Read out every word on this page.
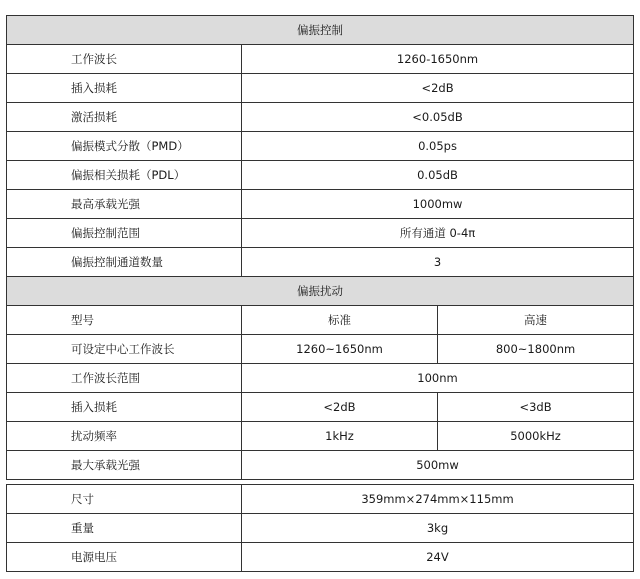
偏振控制		
工作波长	1260-1650nm	
插入损耗	<2dB	
激活损耗	<0.05dB	
偏振模式分散（PMD）	0.05ps	
偏振相关损耗（PDL）	0.05dB	
最高承载光强	1000mw	
偏振控制范围	所有通道 0-4π	
偏振控制通道数量	3	
偏振扰动		
型号	标准	高速
可设定中心工作波长	1260~1650nm	800~1800nm
工作波长范围	100nm	
插入损耗	<2dB	<3dB
扰动频率	1kHz	5000kHz
最大承载光强	500mw	
尺寸	359mm×274mm×115mm
重量	3kg
电源电压	24V
